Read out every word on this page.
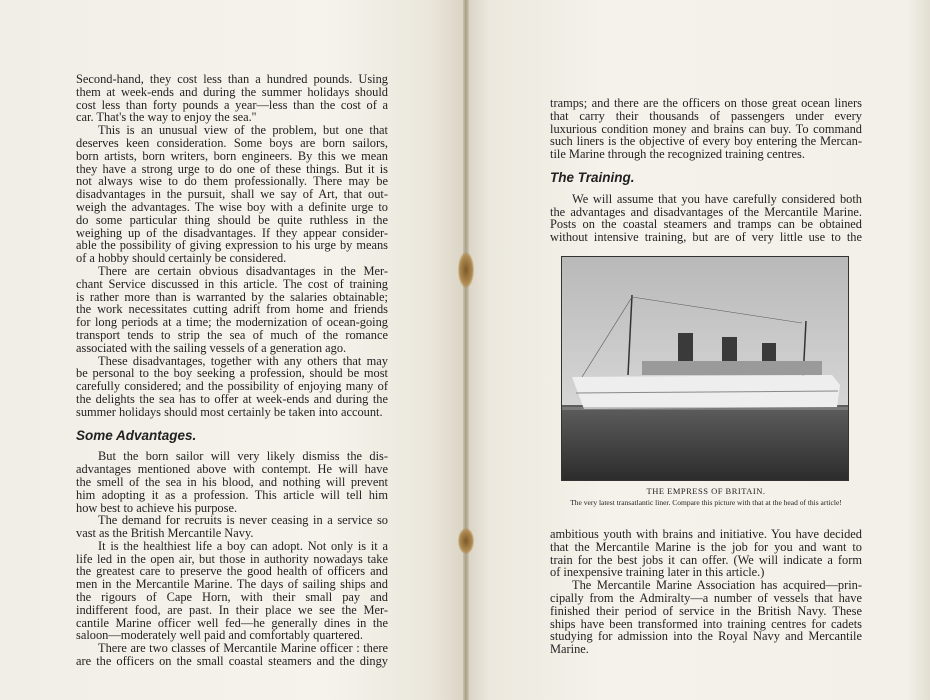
Second-hand, they cost less than a hundred pounds. Using
them at week-ends and during the summer holidays should
cost less than forty pounds a year—less than the cost of a
car. That's the way to enjoy the sea.''
This is an unusual view of the problem, but one that
deserves keen consideration. Some boys are born sailors,
born artists, born writers, born engineers. By this we mean
they have a strong urge to do one of these things. But it is
not always wise to do them professionally. There may be
disadvantages in the pursuit, shall we say of Art, that out-
weigh the advantages. The wise boy with a definite urge to
do some particular thing should be quite ruthless in the
weighing up of the disadvantages. If they appear consider-
able the possibility of giving expression to his urge by means
of a hobby should certainly be considered.
There are certain obvious disadvantages in the Mer-
chant Service discussed in this article. The cost of training
is rather more than is warranted by the salaries obtainable;
the work necessitates cutting adrift from home and friends
for long periods at a time; the modernization of ocean-going
transport tends to strip the sea of much of the romance
associated with the sailing vessels of a generation ago.
These disadvantages, together with any others that may
be personal to the boy seeking a profession, should be most
carefully considered; and the possibility of enjoying many of
the delights the sea has to offer at week-ends and during the
summer holidays should most certainly be taken into account.
Some Advantages.
But the born sailor will very likely dismiss the dis-
advantages mentioned above with contempt. He will have
the smell of the sea in his blood, and nothing will prevent
him adopting it as a profession. This article will tell him
how best to achieve his purpose.
The demand for recruits is never ceasing in a service so
vast as the British Mercantile Navy.
It is the healthiest life a boy can adopt. Not only is it a
life led in the open air, but those in authority nowadays take
the greatest care to preserve the good health of officers and
men in the Mercantile Marine. The days of sailing ships and
the rigours of Cape Horn, with their small pay and
indifferent food, are past. In their place we see the Mer-
cantile Marine officer well fed—he generally dines in the
saloon—moderately well paid and comfortably quartered.
There are two classes of Mercantile Marine officer : there
are the officers on the small coastal steamers and the dingy
tramps; and there are the officers on those great ocean liners
that carry their thousands of passengers under every
luxurious condition money and brains can buy. To command
such liners is the objective of every boy entering the Mercan-
tile Marine through the recognized training centres.
The Training.
We will assume that you have carefully considered both
the advantages and disadvantages of the Mercantile Marine.
Posts on the coastal steamers and tramps can be obtained
without intensive training, but are of very little use to the
THE EMPRESS OF BRITAIN.
The very latest transatlantic liner. Compare this picture with that at the head of this article!
ambitious youth with brains and initiative. You have decided
that the Mercantile Marine is the job for you and want to
train for the best jobs it can offer. (We will indicate a form
of inexpensive training later in this article.)
The Mercantile Marine Association has acquired—prin-
cipally from the Admiralty—a number of vessels that have
finished their period of service in the British Navy. These
ships have been transformed into training centres for cadets
studying for admission into the Royal Navy and Mercantile
Marine.
